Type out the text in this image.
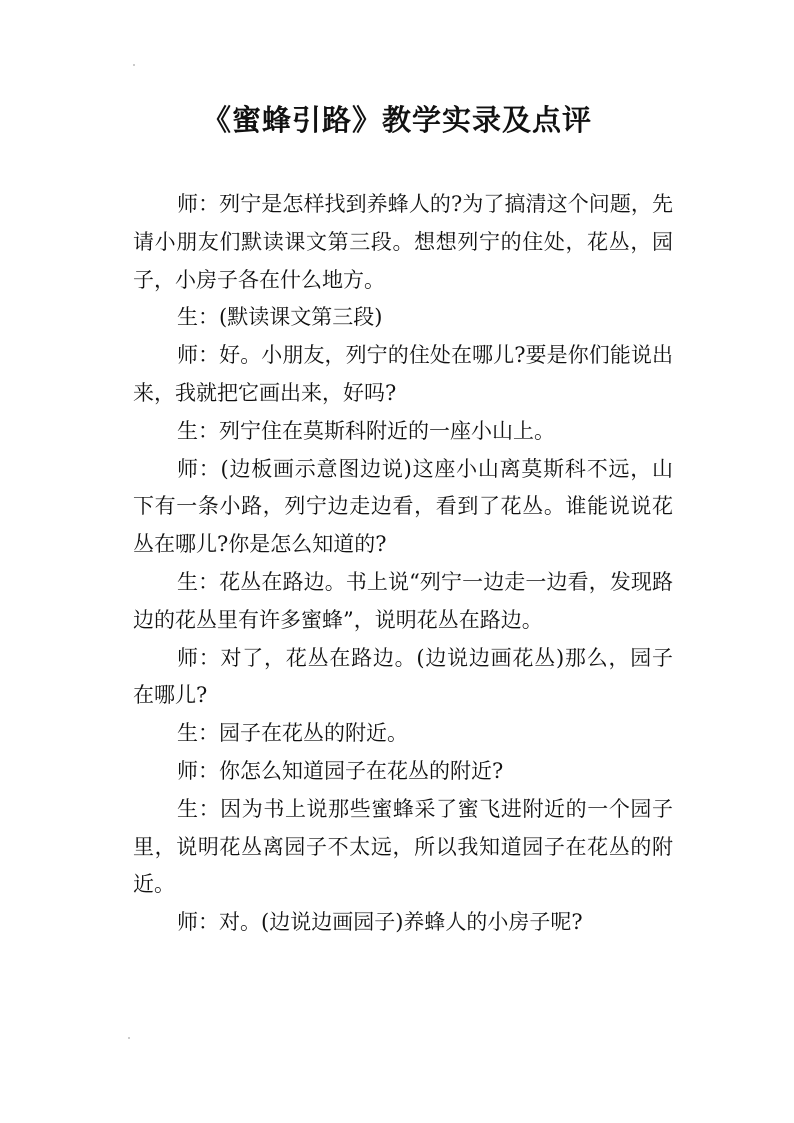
《蜜蜂引路》教学实录及点评

师：列宁是怎样找到养蜂人的?为了搞清这个问题，先请小朋友们默读课文第三段。想想列宁的住处，花丛，园子，小房子各在什么地方。

生：(默读课文第三段)

师：好。小朋友，列宁的住处在哪儿?要是你们能说出来，我就把它画出来，好吗?

生：列宁住在莫斯科附近的一座小山上。

师：(边板画示意图边说)这座小山离莫斯科不远，山下有一条小路，列宁边走边看，看到了花丛。谁能说说花丛在哪儿?你是怎么知道的?

生：花丛在路边。书上说“列宁一边走一边看，发现路边的花丛里有许多蜜蜂”，说明花丛在路边。

师：对了，花丛在路边。(边说边画花丛)那么，园子在哪儿?

生：园子在花丛的附近。

师：你怎么知道园子在花丛的附近?

生：因为书上说那些蜜蜂采了蜜飞进附近的一个园子里，说明花丛离园子不太远，所以我知道园子在花丛的附近。

师：对。(边说边画园子)养蜂人的小房子呢?
